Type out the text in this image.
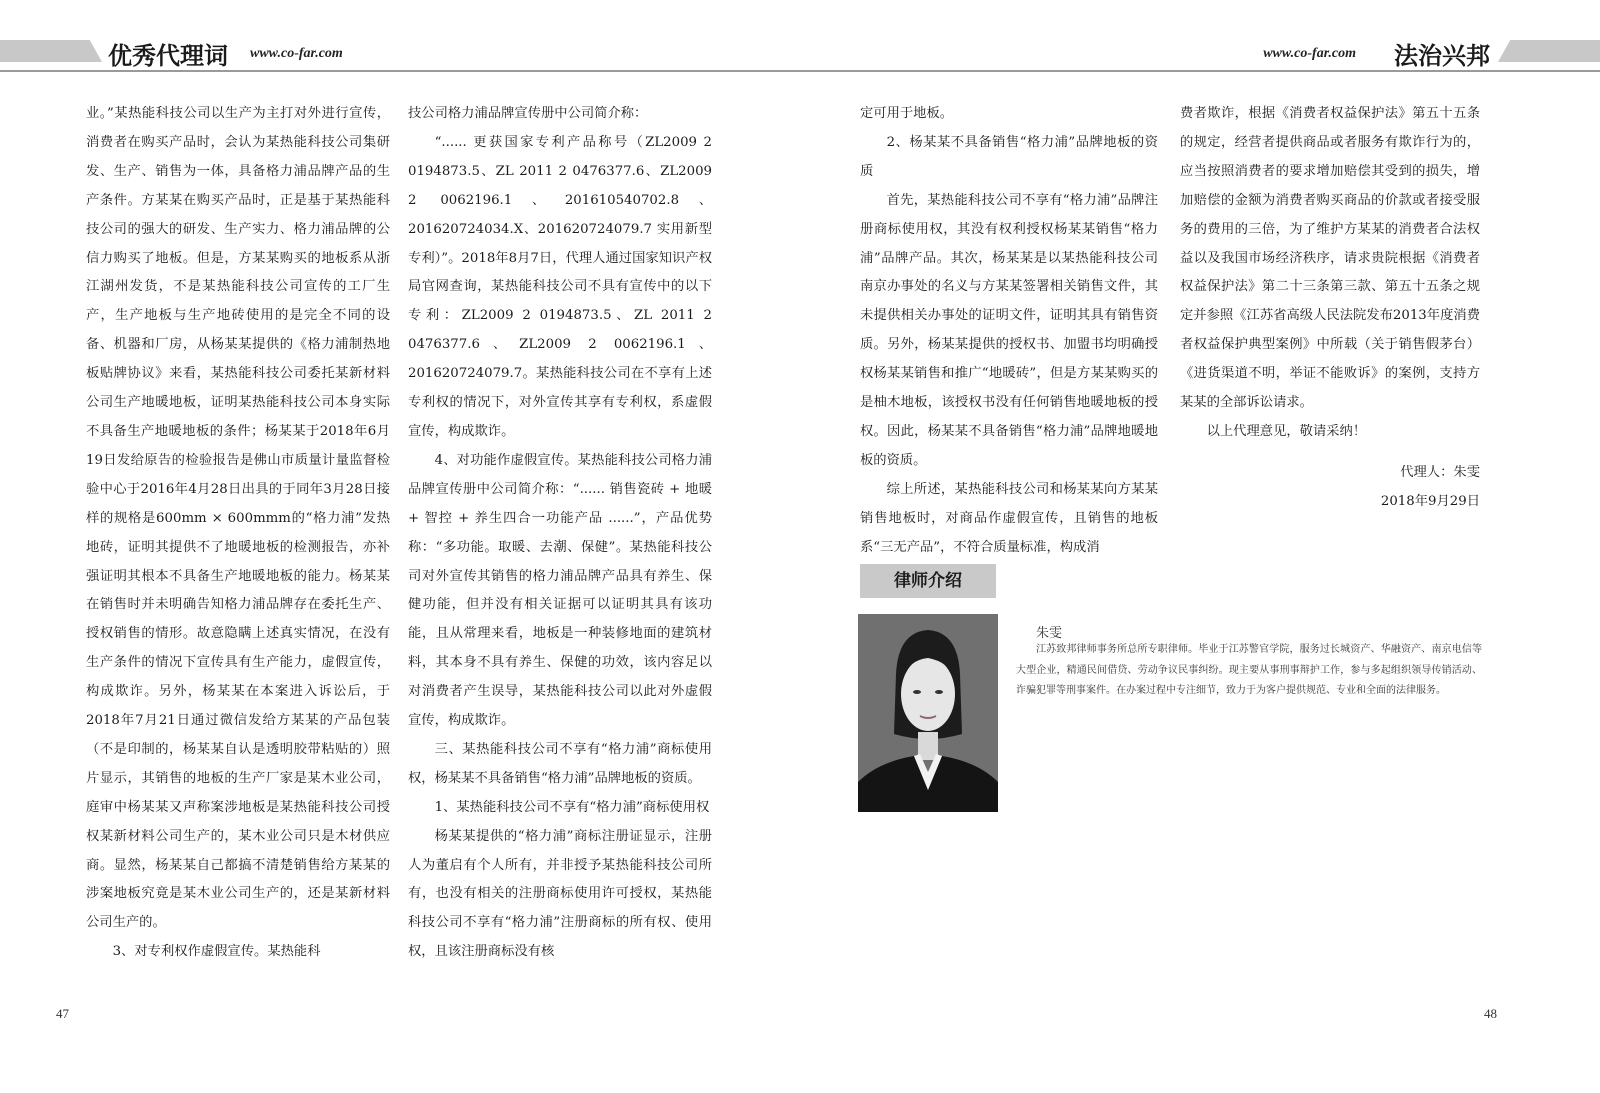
优秀代理词 www.co-far.com	www.co-far.com 法治兴邦

业。”某热能科技公司以生产为主打对外进行宣传，消费者在购买产品时，会认为某热能科技公司集研发、生产、销售为一体，具备格力浦品牌产品的生产条件。方某某在购买产品时，正是基于某热能科技公司的强大的研发、生产实力、格力浦品牌的公信力购买了地板。但是，方某某购买的地板系从浙江湖州发货，不是某热能科技公司宣传的工厂生产，生产地板与生产地砖使用的是完全不同的设备、机器和厂房，从杨某某提供的《格力浦制热地板贴牌协议》来看，某热能科技公司委托某新材料公司生产地暖地板，证明某热能科技公司本身实际不具备生产地暖地板的条件；杨某某于2018年6月19日发给原告的检验报告是佛山市质量计量监督检验中心于2016年4月28日出具的于同年3月28日接样的规格是600mm × 600mmm的“格力浦”发热地砖，证明其提供不了地暖地板的检测报告，亦补强证明其根本不具备生产地暖地板的能力。杨某某在销售时并未明确告知格力浦品牌存在委托生产、授权销售的情形。故意隐瞒上述真实情况，在没有生产条件的情况下宣传具有生产能力，虚假宣传，构成欺诈。另外，杨某某在本案进入诉讼后，于2018年7月21日通过微信发给方某某的产品包装（不是印制的，杨某某自认是透明胶带粘贴的）照片显示，其销售的地板的生产厂家是某木业公司，庭审中杨某某又声称案涉地板是某热能科技公司授权某新材料公司生产的，某木业公司只是木材供应商。显然，杨某某自己都搞不清楚销售给方某某的涉案地板究竟是某木业公司生产的，还是某新材料公司生产的。

3、对专利权作虚假宣传。某热能科

技公司格力浦品牌宣传册中公司简介称：

“...... 更获国家专利产品称号（ZL2009 2 0194873.5、ZL 2011 2 0476377.6、ZL2009 2 0062196.1、201610540702.8、201620724034.X、201620724079.7 实用新型专利）”。2018年8月7日，代理人通过国家知识产权局官网查询，某热能科技公司不具有宣传中的以下专利：ZL2009 2 0194873.5、ZL 2011 2 0476377.6、ZL2009 2 0062196.1、201620724079.7。某热能科技公司在不享有上述专利权的情况下，对外宣传其享有专利权，系虚假宣传，构成欺诈。

4、对功能作虚假宣传。某热能科技公司格力浦品牌宣传册中公司简介称：“...... 销售瓷砖 + 地暖 + 智控 + 养生四合一功能产品 ......”，产品优势称：“多功能。取暖、去潮、保健”。某热能科技公司对外宣传其销售的格力浦品牌产品具有养生、保健功能，但并没有相关证据可以证明其具有该功能，且从常理来看，地板是一种装修地面的建筑材料，其本身不具有养生、保健的功效，该内容足以对消费者产生误导，某热能科技公司以此对外虚假宣传，构成欺诈。

三、某热能科技公司不享有“格力浦”商标使用权，杨某某不具备销售“格力浦”品牌地板的资质。

1、某热能科技公司不享有“格力浦”商标使用权

杨某某提供的“格力浦”商标注册证显示，注册人为董启有个人所有，并非授予某热能科技公司所有，也没有相关的注册商标使用许可授权，某热能科技公司不享有“格力浦”注册商标的所有权、使用权，且该注册商标没有核

定可用于地板。

2、杨某某不具备销售“格力浦”品牌地板的资质

首先，某热能科技公司不享有“格力浦”品牌注册商标使用权，其没有权利授权杨某某销售“格力浦”品牌产品。其次，杨某某是以某热能科技公司南京办事处的名义与方某某签署相关销售文件，其未提供相关办事处的证明文件，证明其具有销售资质。另外，杨某某提供的授权书、加盟书均明确授权杨某某销售和推广“地暖砖”，但是方某某购买的是柚木地板，该授权书没有任何销售地暖地板的授权。因此，杨某某不具备销售“格力浦”品牌地暖地板的资质。

综上所述，某热能科技公司和杨某某向方某某销售地板时，对商品作虚假宣传，且销售的地板系“三无产品”，不符合质量标准，构成消

费者欺诈，根据《消费者权益保护法》第五十五条的规定，经营者提供商品或者服务有欺诈行为的，应当按照消费者的要求增加赔偿其受到的损失，增加赔偿的金额为消费者购买商品的价款或者接受服务的费用的三倍，为了维护方某某的消费者合法权益以及我国市场经济秩序，请求贵院根据《消费者权益保护法》第二十三条第三款、第五十五条之规定并参照《江苏省高级人民法院发布2013年度消费者权益保护典型案例》中所载（关于销售假茅台）《进货渠道不明，举证不能败诉》的案例，支持方某某的全部诉讼请求。

以上代理意见，敬请采纳！

代理人：朱雯
2018年9月29日
律师介绍
朱雯

江苏致邦律师事务所总所专职律师。毕业于江苏警官学院，服务过长城资产、华融资产、南京电信等大型企业，精通民间借贷、劳动争议民事纠纷。现主要从事刑事辩护工作，参与多起组织领导传销活动、诈骗犯罪等刑事案件。在办案过程中专注细节，致力于为客户提供规范、专业和全面的法律服务。

47	48
